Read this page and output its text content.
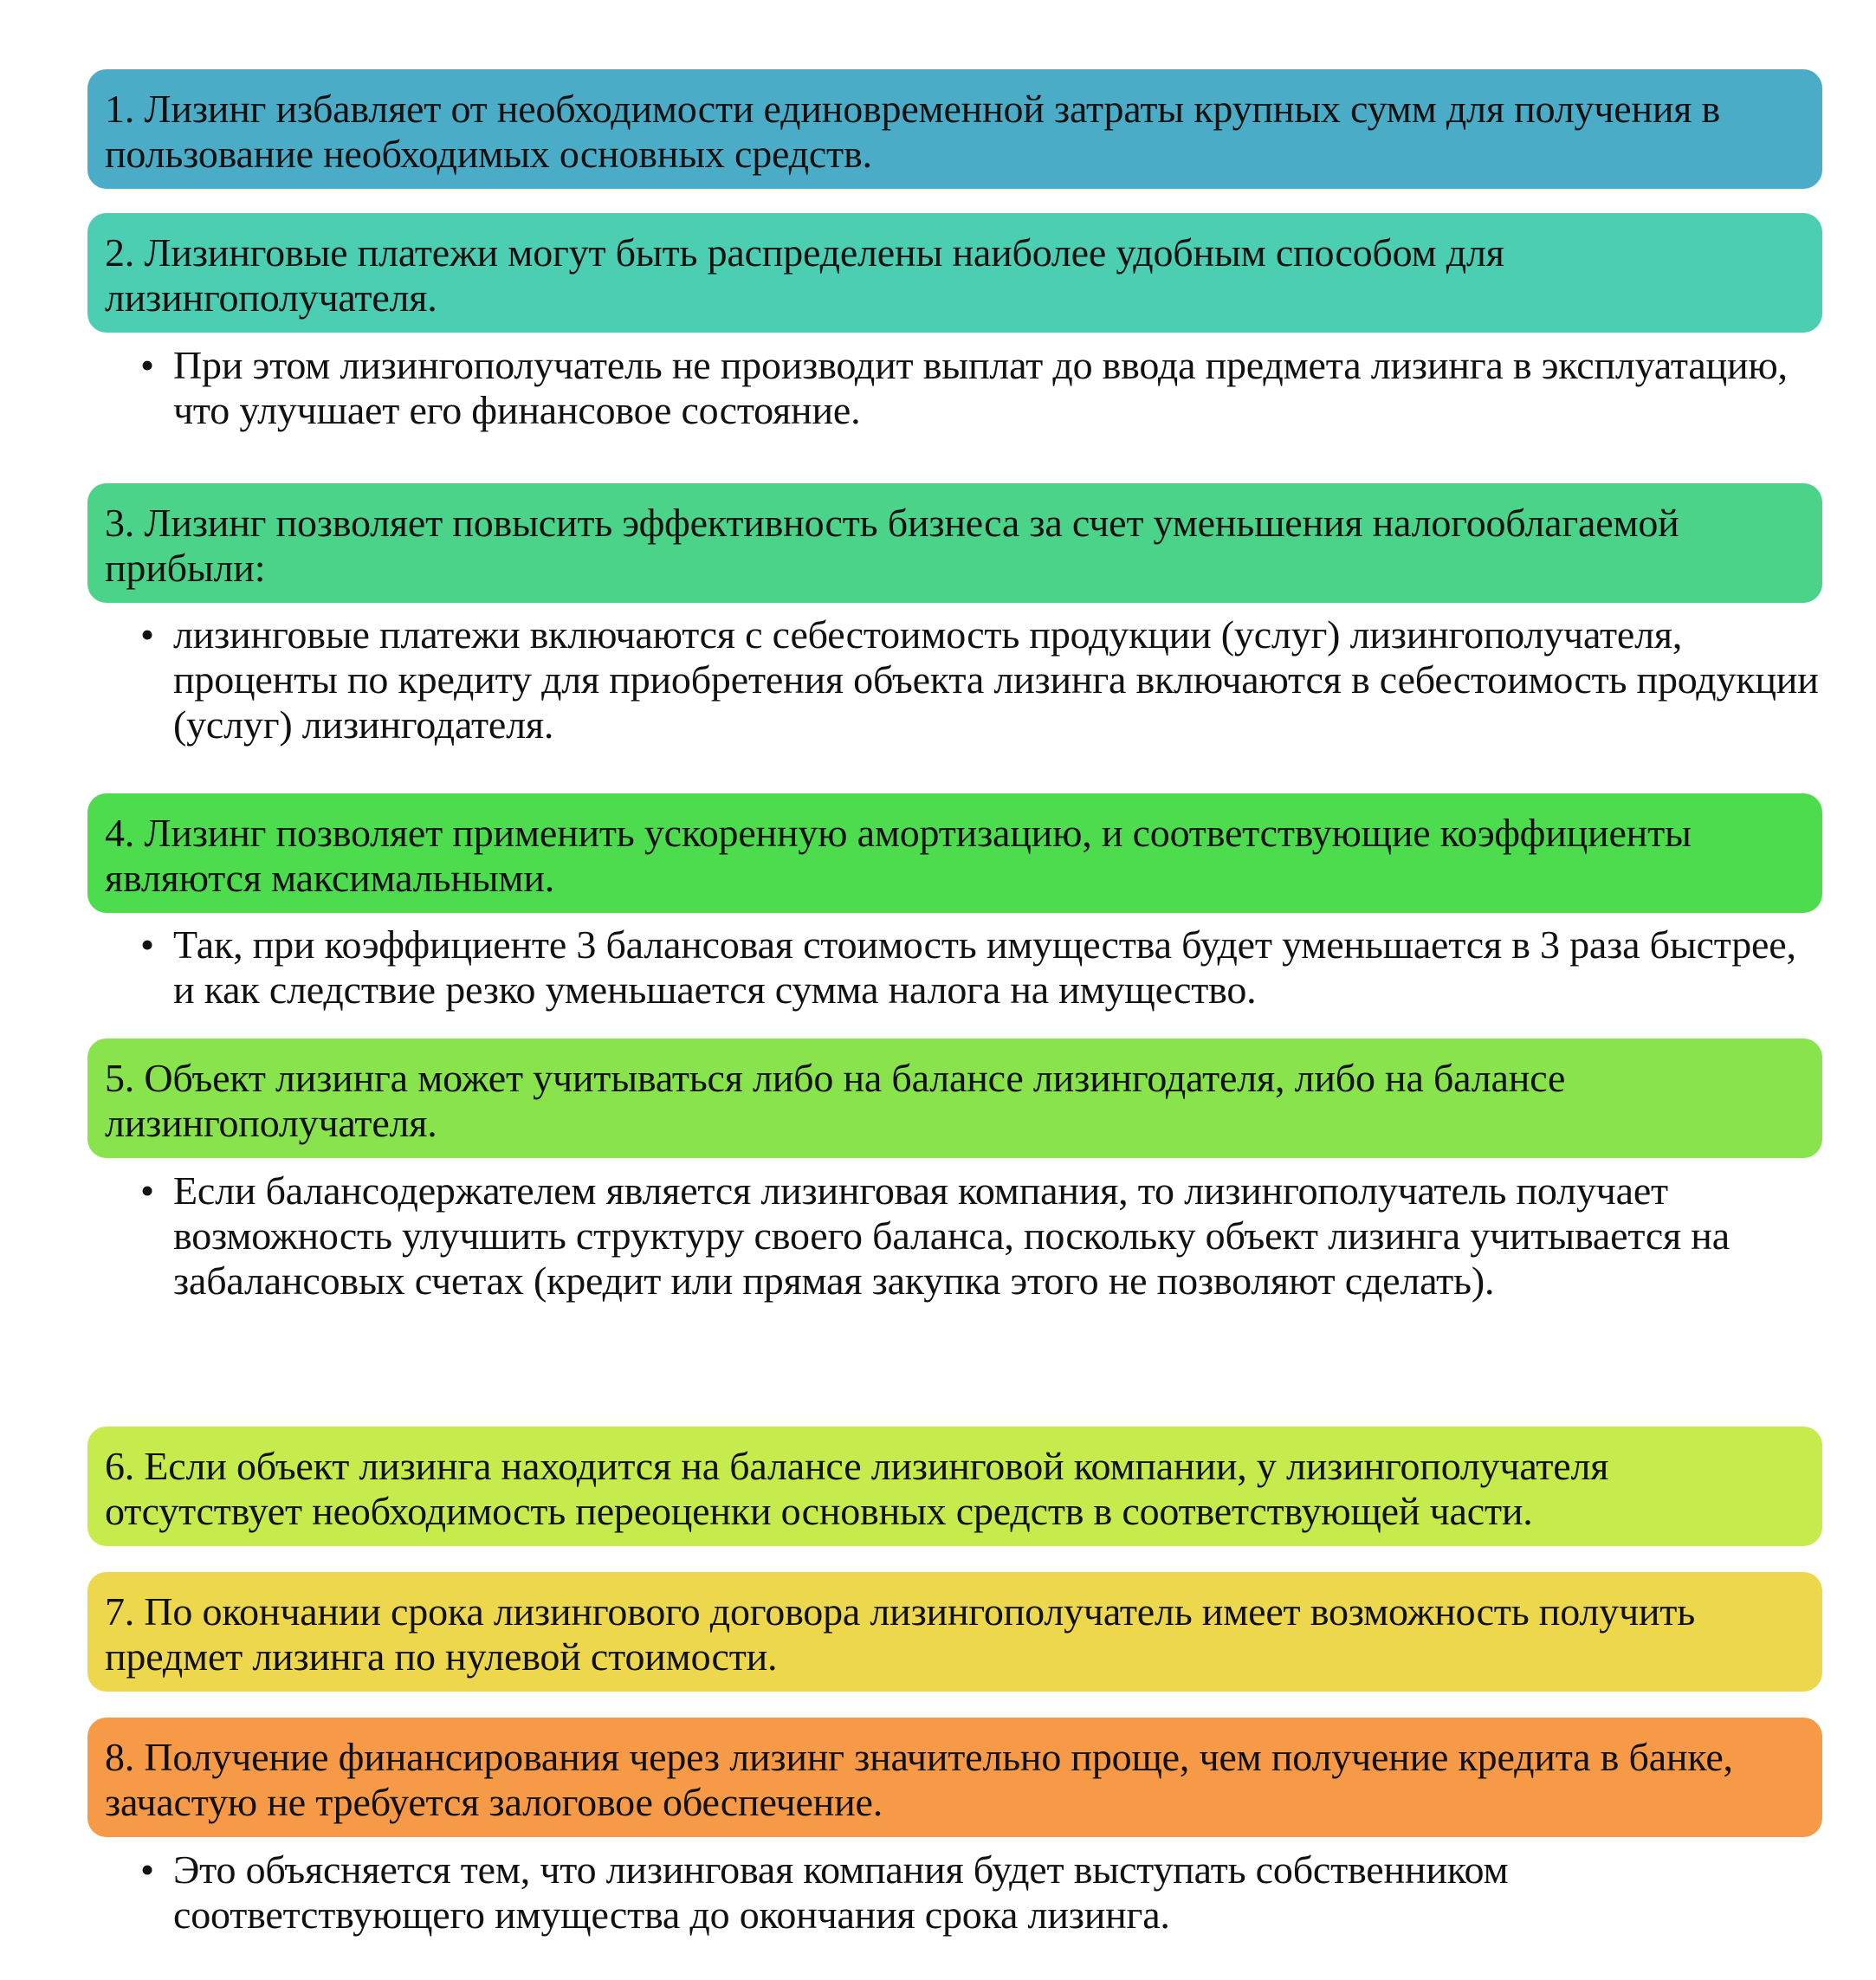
1. Лизинг избавляет от необходимости единовременной затраты крупных сумм для получения в пользование необходимых основных средств.
2. Лизинговые платежи могут быть распределены наиболее удобным способом для лизингополучателя.
• При этом лизингополучатель не производит выплат до ввода предмета лизинга в эксплуатацию, что улучшает его финансовое состояние.
3. Лизинг позволяет повысить эффективность бизнеса за счет уменьшения налогооблагаемой прибыли:
• лизинговые платежи включаются с себестоимость продукции (услуг) лизингополучателя, проценты по кредиту для приобретения объекта лизинга включаются в себестоимость продукции (услуг) лизингодателя.
4. Лизинг позволяет применить ускоренную амортизацию, и соответствующие коэффициенты являются максимальными.
• Так, при коэффициенте 3 балансовая стоимость имущества будет уменьшается в 3 раза быстрее, и как следствие резко уменьшается сумма налога на имущество.
5. Объект лизинга может учитываться либо на балансе лизингодателя, либо на балансе лизингополучателя.
• Если балансодержателем является лизинговая компания, то лизингополучатель получает возможность улучшить структуру своего баланса, поскольку объект лизинга учитывается на забалансовых счетах (кредит или прямая закупка этого не позволяют сделать).
6. Если объект лизинга находится на балансе лизинговой компании, у лизингополучателя отсутствует необходимость переоценки основных средств в соответствующей части.
7. По окончании срока лизингового договора лизингополучатель имеет возможность получить предмет лизинга по нулевой стоимости.
8. Получение финансирования через лизинг значительно проще, чем получение кредита в банке, зачастую не требуется залоговое обеспечение.
• Это объясняется тем, что лизинговая компания будет выступать собственником соответствующего имущества до окончания срока лизинга.
